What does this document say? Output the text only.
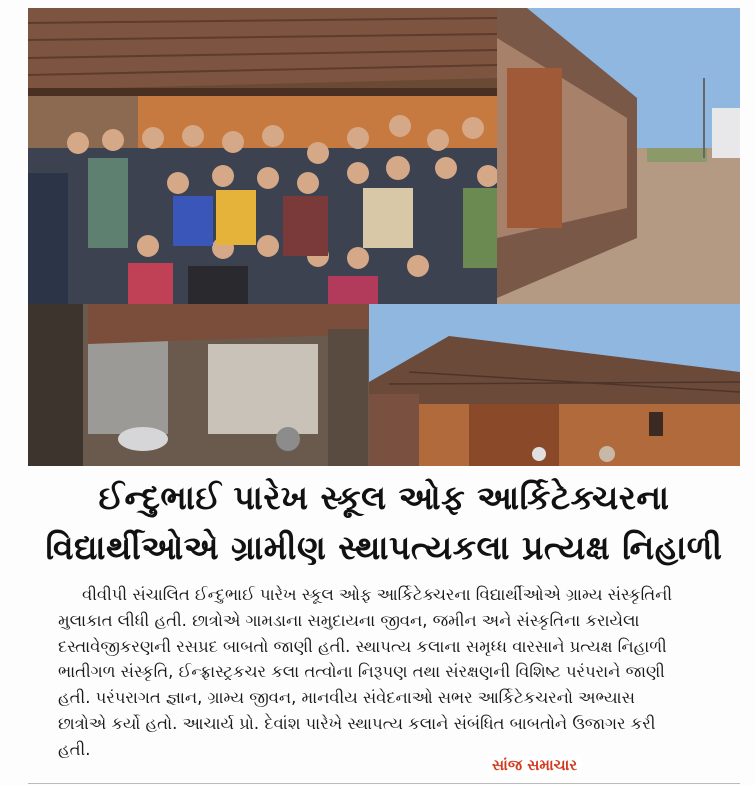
ઈન્દુભાઈ પારેખ સ્કૂલ ઓફ આર્કિટેક્ચરના
વિદ્યાર્થીઓએ ગ્રામીણ સ્થાપત્યકલા પ્રત્યક્ષ નિહાળી
વીવીપી સંચાલિત ઈન્દુભાઈ પારેખ સ્કૂલ ઓફ આર્કિટેક્ચરના વિદ્યાર્થીઓએ ગ્રામ્ય સંસ્કૃતિની
મુલાકાત લીધી હતી. છાત્રોએ ગામડાના સમુદાયના જીવન, જમીન અને સંસ્કૃતિના કરાયેલા
દસ્તાવેજીકરણની રસપ્રદ બાબતો જાણી હતી. સ્થાપત્ય કલાના સમૃધ્ધ વારસાને પ્રત્યક્ષ નિહાળી
ભાતીગળ સંસ્કૃતિ, ઈન્ફ્રાસ્ટ્રકચર કલા તત્વોના નિરૂપણ તથા સંરક્ષણની વિશિષ્ટ પરંપરાને જાણી
હતી. પરંપરાગત જ્ઞાન, ગ્રામ્ય જીવન, માનવીય સંવેદનાઓ સભર આર્કિટેકચરનો અભ્યાસ
છાત્રોએ કર્યો હતો. આચાર્ય પ્રો. દેવાંશ પારેખે સ્થાપત્ય કલાને સંબંધિત બાબતોને ઉજાગર કરી
હતી.
સાંજ સમાચાર
